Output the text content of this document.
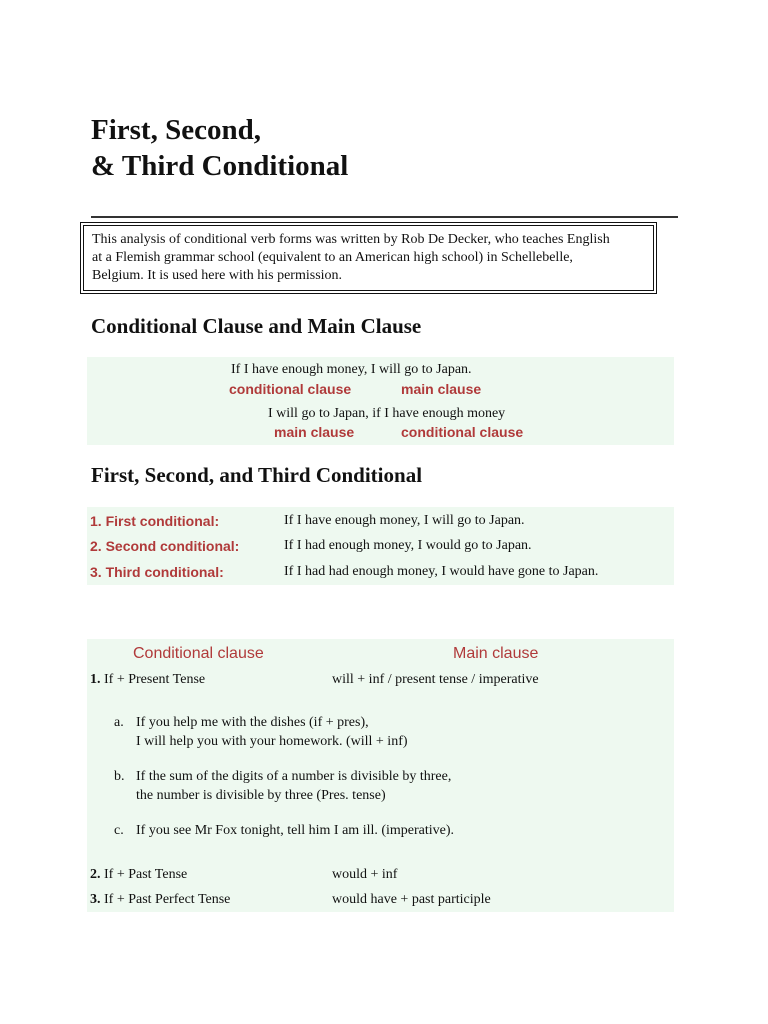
First, Second,
& Third Conditional
This analysis of conditional verb forms was written by Rob De Decker, who teaches English
at a Flemish grammar school (equivalent to an American high school) in Schellebelle,
Belgium. It is used here with his permission.
Conditional Clause and Main Clause
If I have enough money, I will go to Japan.
conditional clause	main clause
I will go to Japan, if I have enough money
main clause	conditional clause
First, Second, and Third Conditional
1. First conditional:	If I have enough money, I will go to Japan.
2. Second conditional:	If I had enough money, I would go to Japan.
3. Third conditional:	If I had had enough money, I would have gone to Japan.
Conditional clause	Main clause
1. If + Present Tense	will + inf / present tense / imperative
a. If you help me with the dishes (if + pres),
I will help you with your homework. (will + inf)
b. If the sum of the digits of a number is divisible by three,
the number is divisible by three (Pres. tense)
c. If you see Mr Fox tonight, tell him I am ill. (imperative).
2. If + Past Tense	would + inf
3. If + Past Perfect Tense	would have + past participle
